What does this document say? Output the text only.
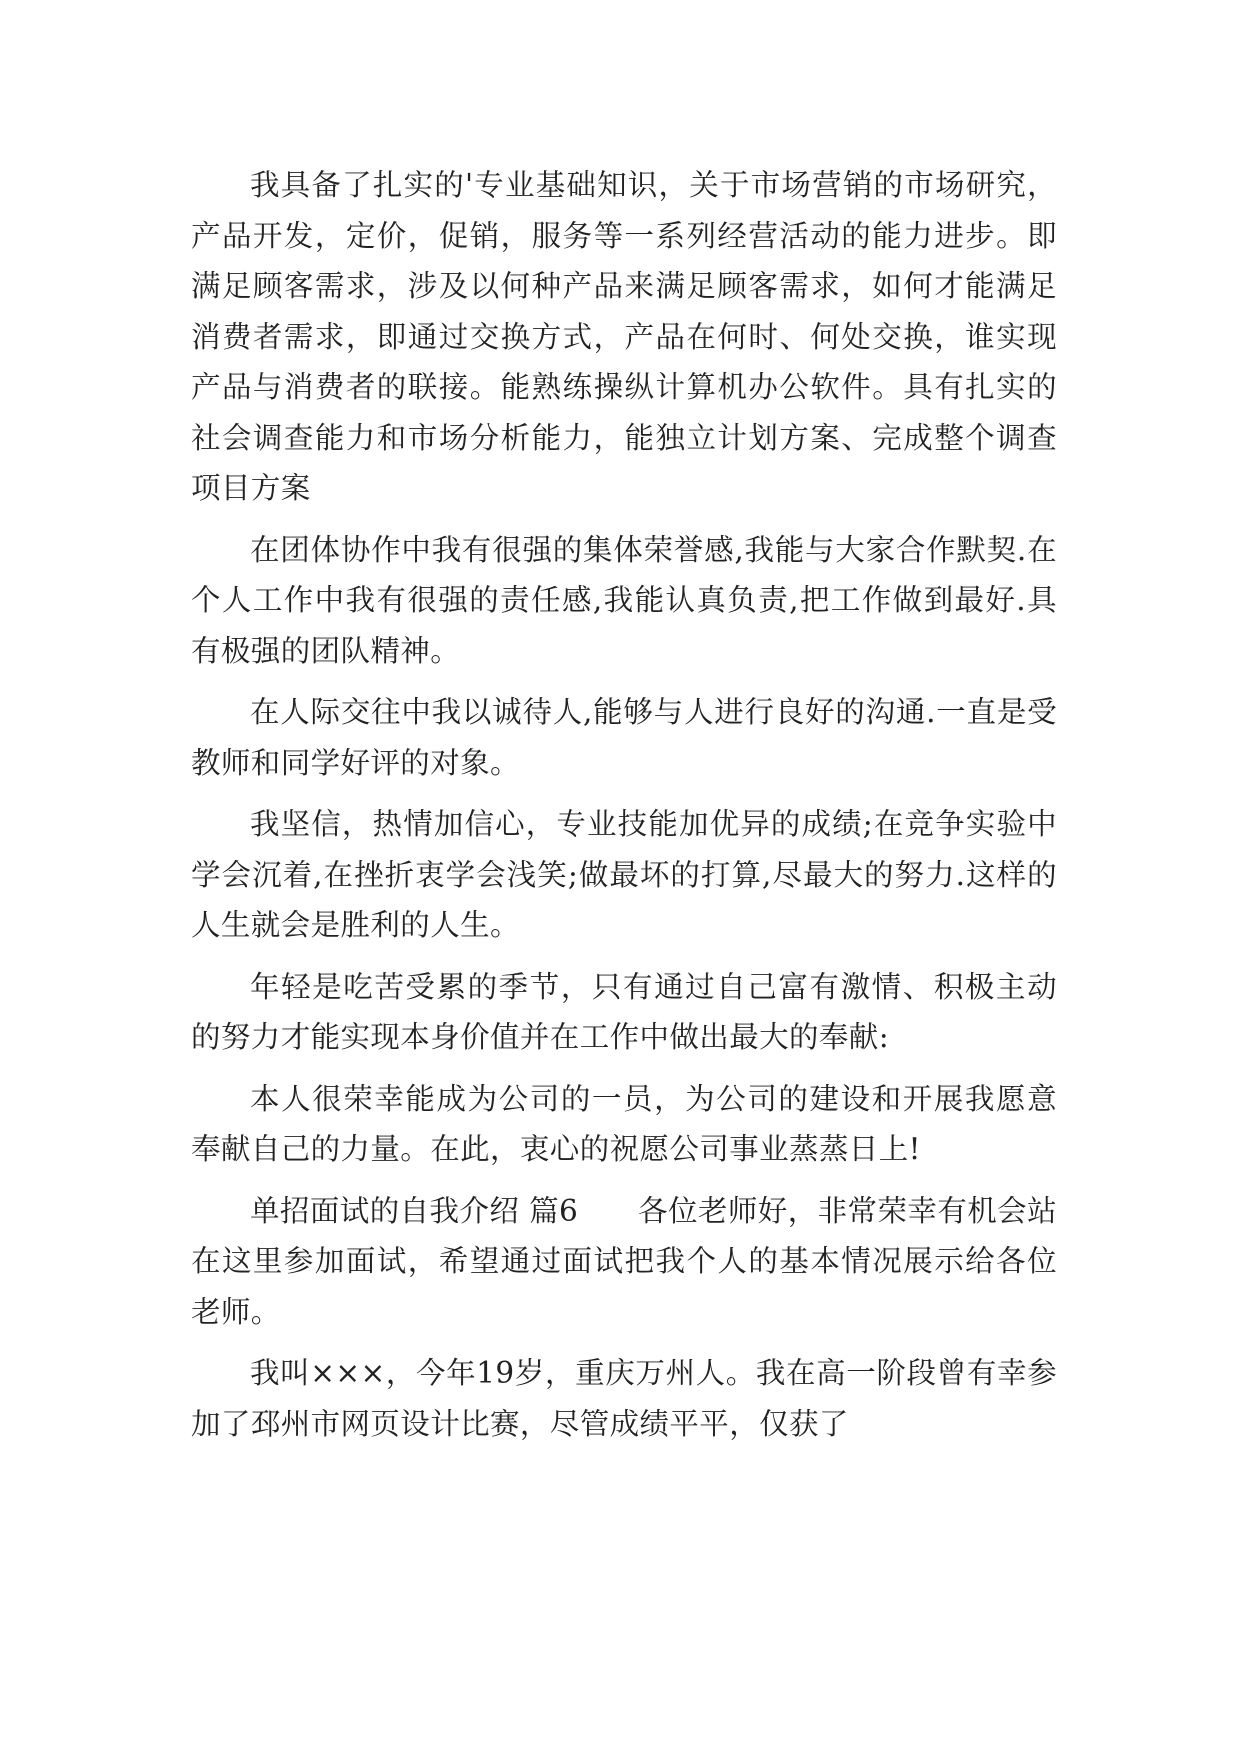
我具备了扎实的'专业基础知识，关于市场营销的市场研究，产品开发，定价，促销，服务等一系列经营活动的能力进步。即满足顾客需求，涉及以何种产品来满足顾客需求，如何才能满足消费者需求，即通过交换方式，产品在何时、何处交换，谁实现产品与消费者的联接。能熟练操纵计算机办公软件。具有扎实的社会调查能力和市场分析能力，能独立计划方案、完成整个调查项目方案

在团体协作中我有很强的集体荣誉感,我能与大家合作默契.在个人工作中我有很强的责任感,我能认真负责,把工作做到最好.具有极强的团队精神。

在人际交往中我以诚待人,能够与人进行良好的沟通.一直是受教师和同学好评的对象。

我坚信，热情加信心，专业技能加优异的成绩;在竞争实验中学会沉着,在挫折衷学会浅笑;做最坏的打算,尽最大的努力.这样的人生就会是胜利的人生。

年轻是吃苦受累的季节，只有通过自己富有激情、积极主动的努力才能实现本身价值并在工作中做出最大的奉献:

本人很荣幸能成为公司的一员，为公司的建设和开展我愿意奉献自己的力量。在此，衷心的祝愿公司事业蒸蒸日上!

单招面试的自我介绍 篇6　　各位老师好，非常荣幸有机会站在这里参加面试，希望通过面试把我个人的基本情况展示给各位老师。

我叫×××，今年19岁，重庆万州人。我在高一阶段曾有幸参加了邳州市网页设计比赛，尽管成绩平平，仅获了
